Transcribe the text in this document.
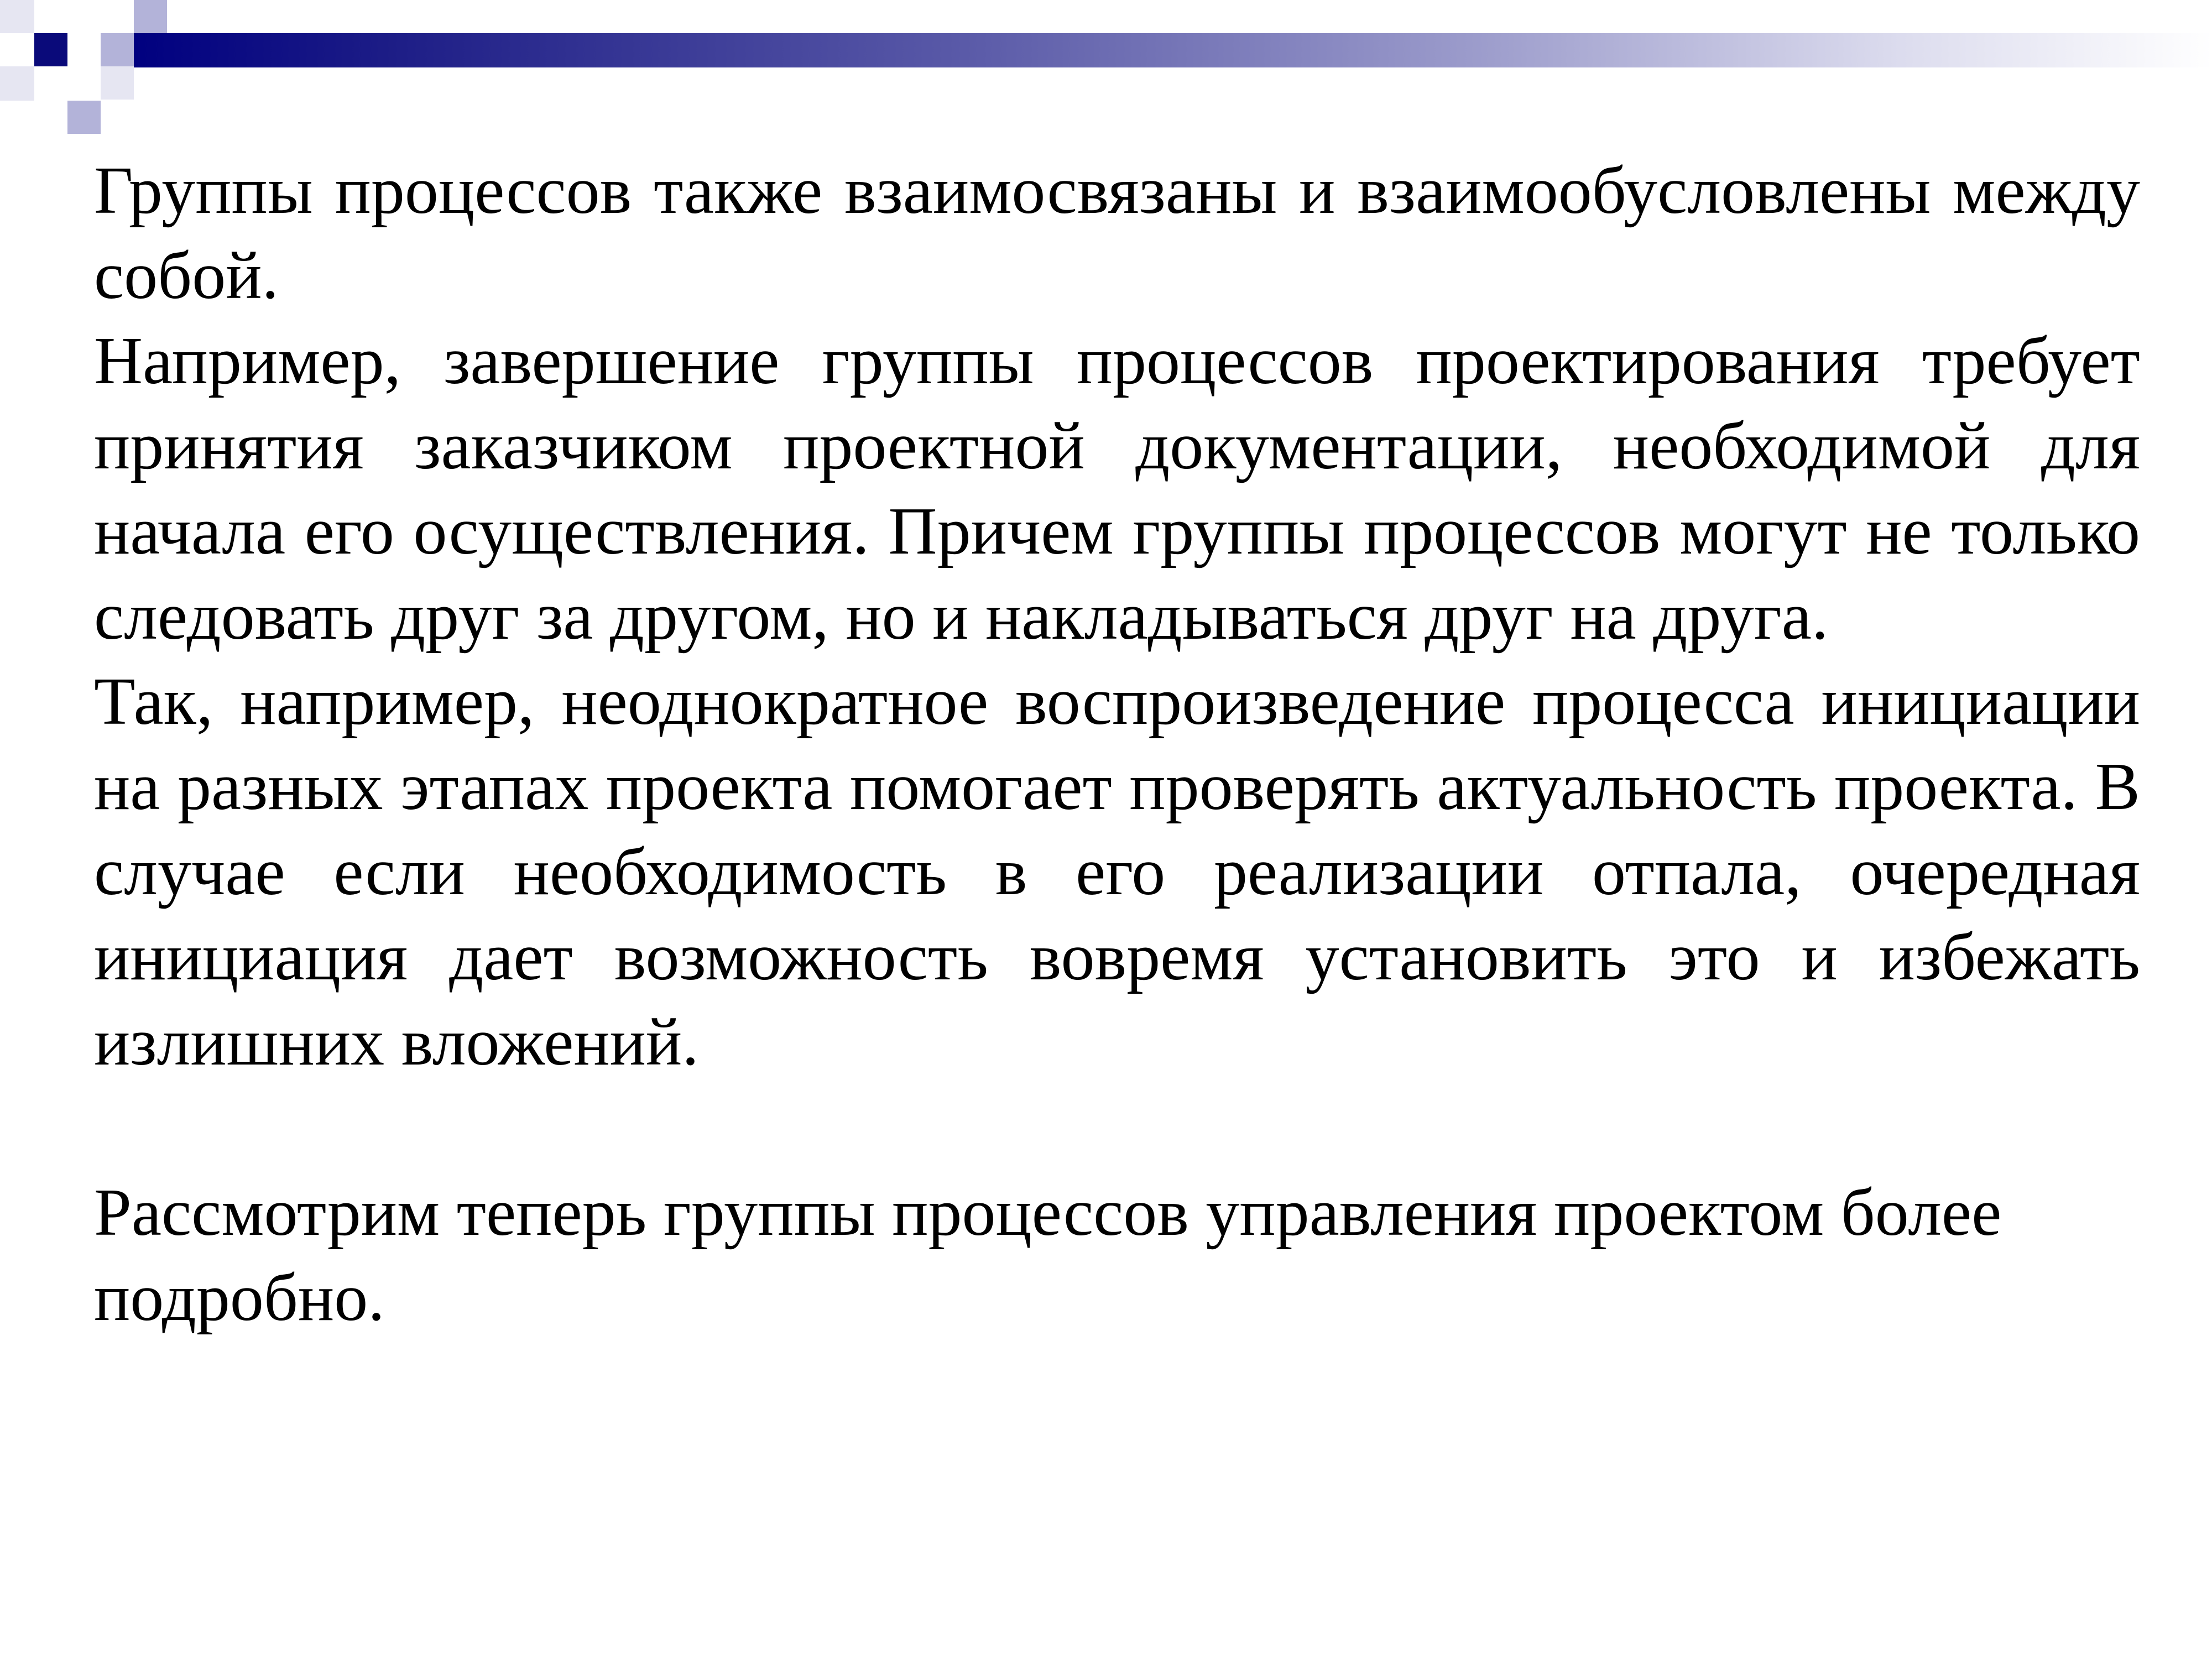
Группы процессов также взаимосвязаны и взаимообусловлены между собой.

Например, завершение группы процессов проектирования требует принятия заказчиком проектной документации, необходимой для начала его осуществления. Причем группы процессов могут не только следовать друг за другом, но и накладываться друг на друга.

Так, например, неоднократное воспроизведение процесса инициации на разных этапах проекта помогает проверять актуальность проекта. В случае если необходимость в его реализации отпала, очередная инициация дает возможность вовремя установить это и избежать излишних вложений.

Рассмотрим теперь группы процессов управления проектом более подробно.
